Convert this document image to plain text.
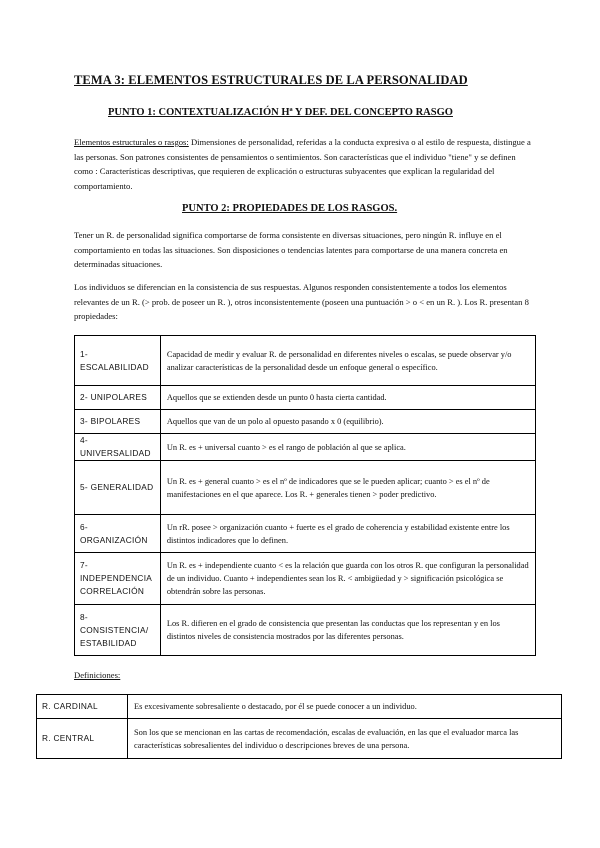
TEMA 3: ELEMENTOS ESTRUCTURALES DE LA PERSONALIDAD
PUNTO 1: CONTEXTUALIZACIÓN Hª Y DEF. DEL CONCEPTO RASGO
Elementos estructurales o rasgos: Dimensiones de personalidad, referidas a la conducta expresiva o al estilo de respuesta, distingue a las personas. Son patrones consistentes de pensamientos o sentimientos. Son características que el individuo "tiene" y se definen como : Características descriptivas, que requieren de explicación o estructuras subyacentes que explican la regularidad del comportamiento.
PUNTO 2: PROPIEDADES DE LOS RASGOS.
Tener un R. de personalidad significa comportarse de forma consistente en diversas situaciones, pero ningún R. influye en el comportamiento en todas las situaciones. Son disposiciones o tendencias latentes para comportarse de una manera concreta en determinadas situaciones.
Los individuos se diferencian en la consistencia de sus respuestas. Algunos responden consistentemente a todos los elementos relevantes de un R. (> prob. de poseer un R. ), otros inconsistentemente (poseen una puntuación > o < en un R. ). Los R. presentan 8 propiedades:
1- ESCALABILIDAD	Capacidad de medir y evaluar R. de personalidad en diferentes niveles o escalas, se puede observar y/o analizar características de la personalidad desde un enfoque general o específico.
2- UNIPOLARES	Aquellos que se extienden desde un punto 0 hasta cierta cantidad.
3- BIPOLARES	Aquellos que van de un polo al opuesto pasando x 0 (equilibrio).
4- UNIVERSALIDAD	Un R. es + universal cuanto > es el rango de población al que se aplica.
5- GENERALIDAD	Un R. es + general cuanto > es el nº de indicadores que se le pueden aplicar; cuanto > es el nº de manifestaciones en el que aparece. Los R. + generales tienen > poder predictivo.
6- ORGANIZACIÓN	Un rR. posee > organización cuanto + fuerte es el grado de coherencia y estabilidad existente entre los distintos indicadores que lo definen.
7- INDEPENDENCIA CORRELACIÓN	Un R. es + independiente cuanto < es la relación que guarda con los otros R. que configuran la personalidad de un individuo. Cuanto + independientes sean los R. < ambigüedad y > significación psicológica se obtendrán sobre las personas.
8- CONSISTENCIA/ ESTABILIDAD	Los R. difieren en el grado de consistencia que presentan las conductas que los representan y en los distintos niveles de consistencia mostrados por las diferentes personas.
Definiciones:
R. CARDINAL	Es excesivamente sobresaliente o destacado, por él se puede conocer a un individuo.
R. CENTRAL	Son los que se mencionan en las cartas de recomendación, escalas de evaluación, en las que el evaluador marca las características sobresalientes del individuo o descripciones breves de una persona.
